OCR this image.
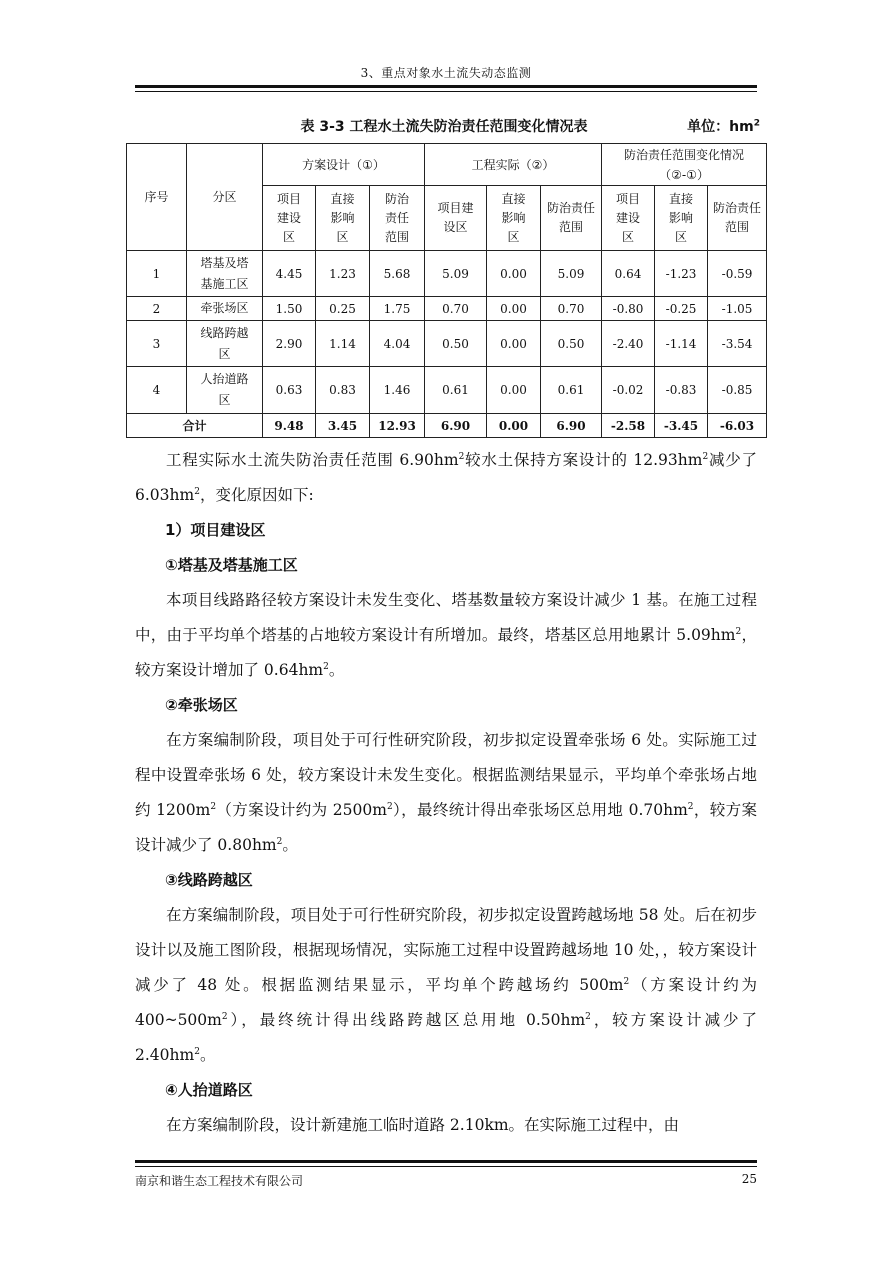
3、重点对象水土流失动态监测
表 3-3 工程水土流失防治责任范围变化情况表	单位：$hm^2$
序号	分区	方案设计（①）			工程实际（②）			防治责任范围变化情况
（②-①）		
		项目建设区	直接影响区	防治责任范围	项目建设区	直接影响区	防治责任范围	项目建设区	直接影响区	防治责任范围
1	塔基及塔基施工区	4.45	1.23	5.68	5.09	0.00	5.09	0.64	-1.23	-0.59
2	牵张场区	1.50	0.25	1.75	0.70	0.00	0.70	-0.80	-0.25	-1.05
3	线路跨越区	2.90	1.14	4.04	0.50	0.00	0.50	-2.40	-1.14	-3.54
4	人抬道路区	0.63	0.83	1.46	0.61	0.00	0.61	-0.02	-0.83	-0.85
合计		9.48	3.45	12.93	6.90	0.00	6.90	-2.58	-3.45	-6.03

工程实际水土流失防治责任范围 $6.90hm^2$较水土保持方案设计的 $12.93hm^2$减少了 $6.03hm^2$，变化原因如下:

1）项目建设区

①塔基及塔基施工区

本项目线路路径较方案设计未发生变化、塔基数量较方案设计减少 1 基。在施工过程中，由于平均单个塔基的占地较方案设计有所增加。最终，塔基区总用地累计 $5.09hm^2$，较方案设计增加了 $0.64hm^2$。

②牵张场区

在方案编制阶段，项目处于可行性研究阶段，初步拟定设置牵张场 6 处。实际施工过程中设置牵张场 6 处，较方案设计未发生变化。根据监测结果显示，平均单个牵张场占地约 $1200m^2$（方案设计约为 $2500m^2$），最终统计得出牵张场区总用地 $0.70hm^2$，较方案设计减少了 $0.80hm^2$。

③线路跨越区

在方案编制阶段，项目处于可行性研究阶段，初步拟定设置跨越场地 58 处。后在初步设计以及施工图阶段，根据现场情况，实际施工过程中设置跨越场地 10 处，，较方案设计减少了 48 处。根据监测结果显示，平均单个跨越场约 $500m^2$（方案设计约为 $400\sim 500m^2$），最终统计得出线路跨越区总用地 $0.50hm^2$，较方案设计减少了 $2.40hm^2$。

④人抬道路区

在方案编制阶段，设计新建施工临时道路 2.10km。在实际施工过程中，由

南京和谐生态工程技术有限公司	25
